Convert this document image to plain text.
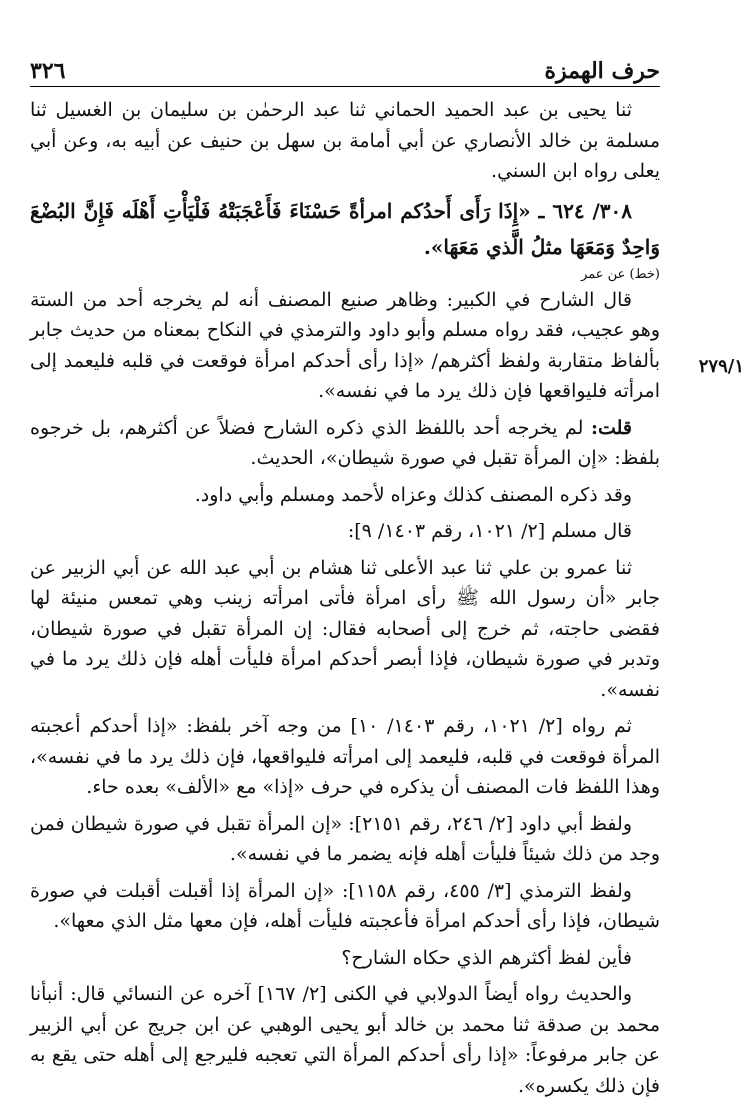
حرف الهمزة
٣٢٦
٢٧٩/١

ثنا يحيى بن عبد الحميد الحماني ثنا عبد الرحمٰن بن سليمان بن الغسيل ثنا مسلمة بن خالد الأنصاري عن أبي أمامة بن سهل بن حنيف عن أبيه به، وعن أبي يعلى رواه ابن السني.

٣٠٨/ ٦٢٤ ـ «إِذَا رَأَى أَحدُكم امرأةً حَسْنَاءَ فَأَعْجَبَتْهُ فَلْيَأْتِ أَهْلَه فَإِنَّ البُضْعَ وَاحِدٌ وَمَعَهَا مثلُ الَّذي مَعَهَا».

(خط) عن عمر

قال الشارح في الكبير: وظاهر صنيع المصنف أنه لم يخرجه أحد من الستة وهو عجيب، فقد رواه مسلم وأبو داود والترمذي في النكاح بمعناه من حديث جابر بألفاظ متقاربة ولفظ أكثرهم/ «إذا رأى أحدكم امرأة فوقعت في قلبه فليعمد إلى امرأته فليواقعها فإن ذلك يرد ما في نفسه».

قلت: لم يخرجه أحد باللفظ الذي ذكره الشارح فضلاً عن أكثرهم، بل خرجوه بلفظ: «إن المرأة تقبل في صورة شيطان»، الحديث.

وقد ذكره المصنف كذلك وعزاه لأحمد ومسلم وأبي داود.

قال مسلم [٢/ ١٠٢١، رقم ١٤٠٣/ ٩]:

ثنا عمرو بن علي ثنا عبد الأعلى ثنا هشام بن أبي عبد الله عن أبي الزبير عن جابر «أن رسول الله ﷺ رأى امرأة فأتى امرأته زينب وهي تمعس منيئة لها فقضى حاجته، ثم خرج إلى أصحابه فقال: إن المرأة تقبل في صورة شيطان، وتدبر في صورة شيطان، فإذا أبصر أحدكم امرأة فليأت أهله فإن ذلك يرد ما في نفسه».

ثم رواه [٢/ ١٠٢١، رقم ١٤٠٣/ ١٠] من وجه آخر بلفظ: «إذا أحدكم أعجبته المرأة فوقعت في قلبه، فليعمد إلى امرأته فليواقعها، فإن ذلك يرد ما في نفسه»، وهذا اللفظ فات المصنف أن يذكره في حرف «إذا» مع «الألف» بعده حاء.

ولفظ أبي داود [٢/ ٢٤٦، رقم ٢١٥١]: «إن المرأة تقبل في صورة شيطان فمن وجد من ذلك شيئاً فليأت أهله فإنه يضمر ما في نفسه».

ولفظ الترمذي [٣/ ٤٥٥، رقم ١١٥٨]: «إن المرأة إذا أقبلت أقبلت في صورة شيطان، فإذا رأى أحدكم امرأة فأعجبته فليأت أهله، فإن معها مثل الذي معها».

فأين لفظ أكثرهم الذي حكاه الشارح؟

والحديث رواه أيضاً الدولابي في الكنى [٢/ ١٦٧] آخره عن النسائي قال: أنبأنا محمد بن صدقة ثنا محمد بن خالد أبو يحيى الوهبي عن ابن جريج عن أبي الزبير عن جابر مرفوعاً: «إذا رأى أحدكم المرأة التي تعجبه فليرجع إلى أهله حتى يقع به فإن ذلك يكسره».
